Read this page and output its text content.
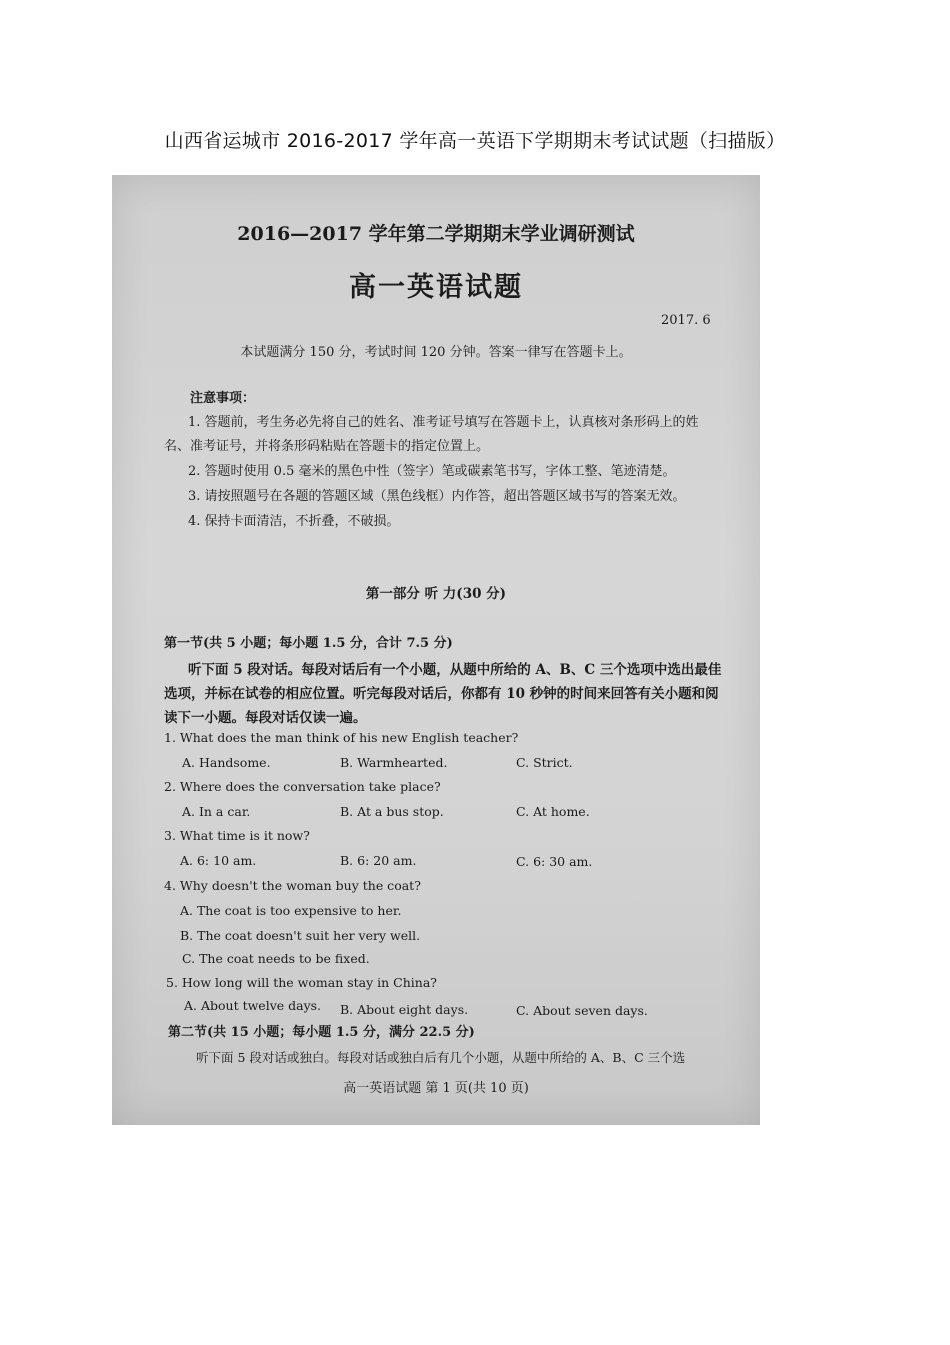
山西省运城市 2016-2017 学年高一英语下学期期末考试试题（扫描版）
2016—2017 学年第二学期期末学业调研测试
高一英语试题
2017. 6
本试题满分 150 分，考试时间 120 分钟。答案一律写在答题卡上。
注意事项：
1. 答题前，考生务必先将自己的姓名、准考证号填写在答题卡上，认真核对条形码上的姓
名、准考证号，并将条形码粘贴在答题卡的指定位置上。
2. 答题时使用 0.5 毫米的黑色中性（签字）笔或碳素笔书写，字体工整、笔迹清楚。
3. 请按照题号在各题的答题区域（黑色线框）内作答，超出答题区域书写的答案无效。
4. 保持卡面清洁，不折叠，不破损。
第一部分 听 力(30 分)
第一节(共 5 小题；每小题 1.5 分，合计 7.5 分)
听下面 5 段对话。每段对话后有一个小题，从题中所给的 A、B、C 三个选项中选出最佳
选项，并标在试卷的相应位置。听完每段对话后，你都有 10 秒钟的时间来回答有关小题和阅
读下一小题。每段对话仅读一遍。
1. What does the man think of his new English teacher?
A. Handsome.	B. Warmhearted.	C. Strict.
2. Where does the conversation take place?
A. In a car.	B. At a bus stop.	C. At home.
3. What time is it now?
A. 6: 10 am.	B. 6: 20 am.	C. 6: 30 am.
4. Why doesn't the woman buy the coat?
A. The coat is too expensive to her.
B. The coat doesn't suit her very well.
C. The coat needs to be fixed.
5. How long will the woman stay in China?
A. About twelve days. B. About eight days.	C. About seven days.
第二节(共 15 小题；每小题 1.5 分，满分 22.5 分)
听下面 5 段对话或独白。每段对话或独白后有几个小题，从题中所给的 A、B、C 三个选
高一英语试题 第 1 页(共 10 页)
